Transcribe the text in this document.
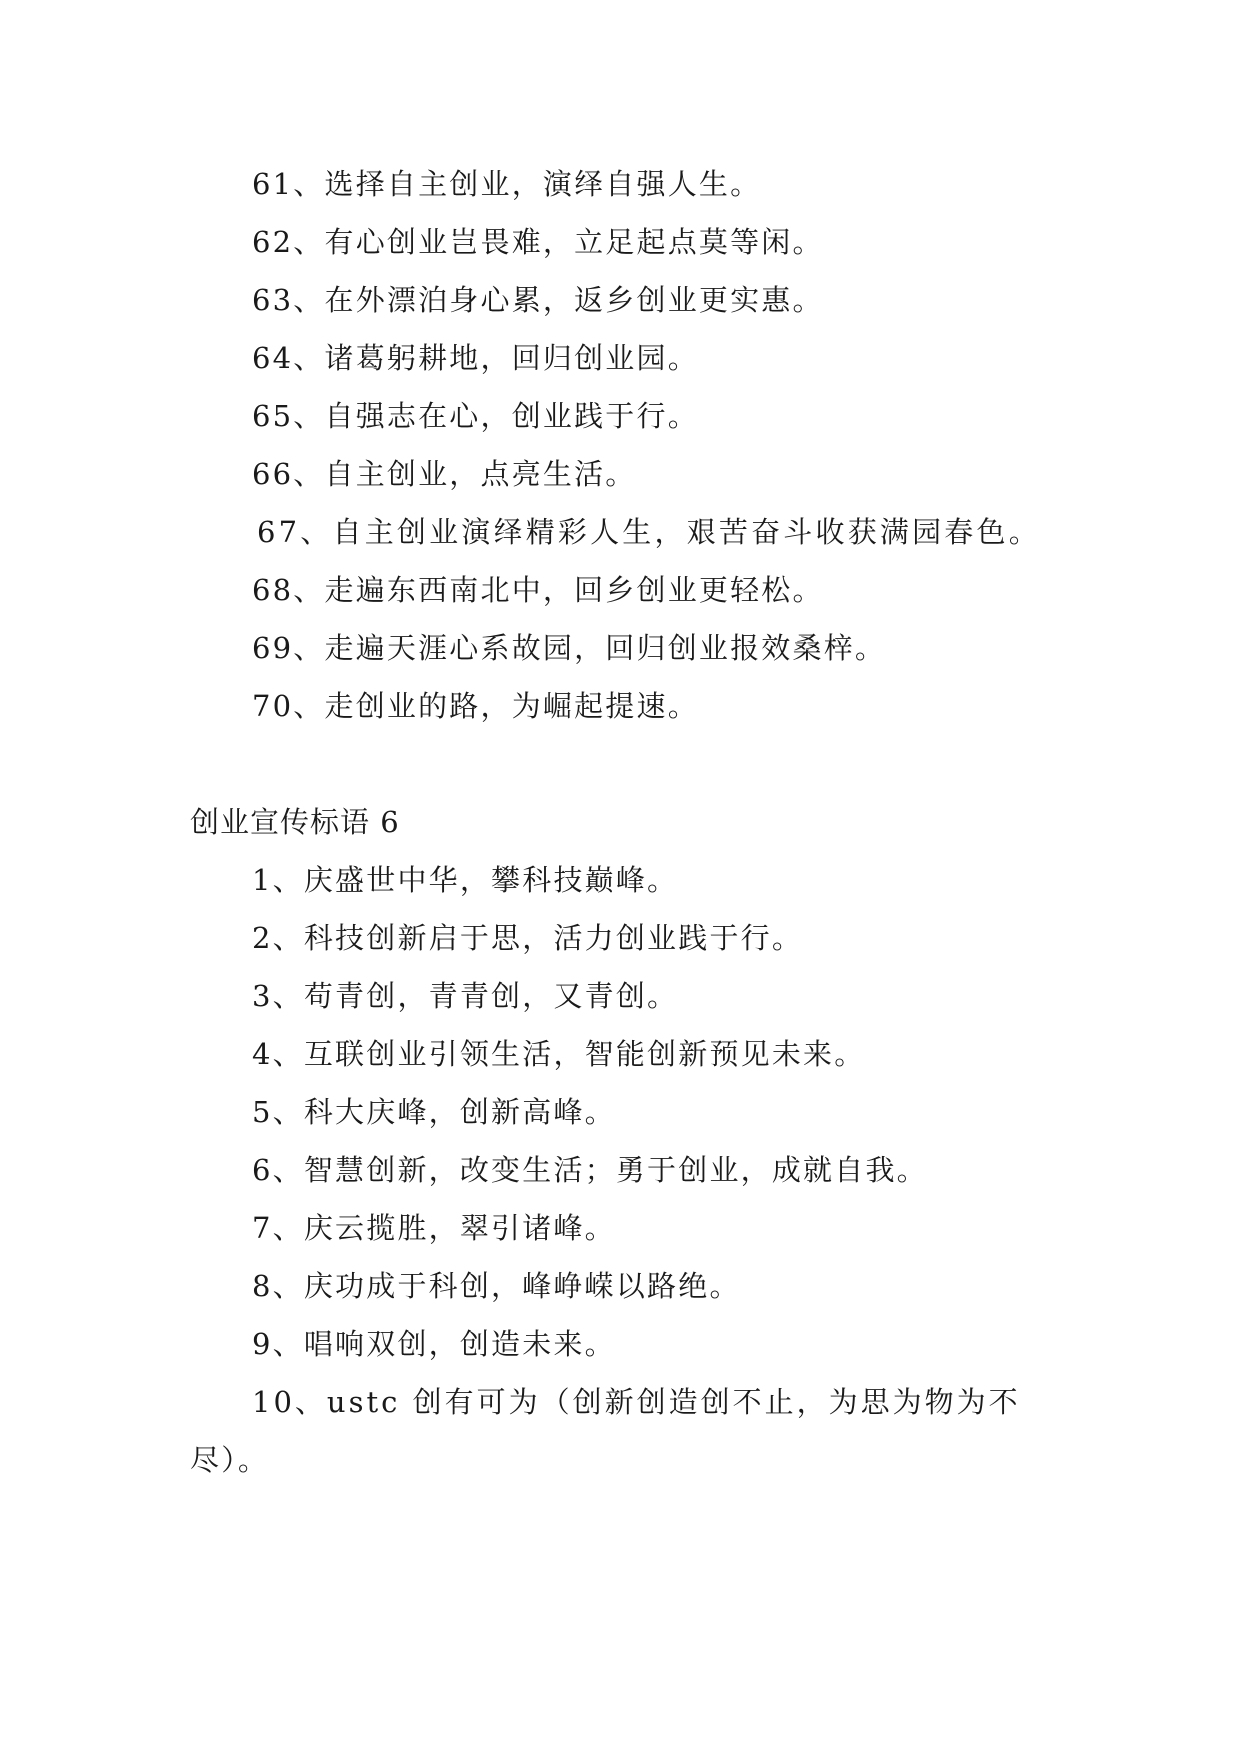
61、选择自主创业，演绎自强人生。
62、有心创业岂畏难，立足起点莫等闲。
63、在外漂泊身心累，返乡创业更实惠。
64、诸葛躬耕地，回归创业园。
65、自强志在心，创业践于行。
66、自主创业，点亮生活。
67、自主创业演绎精彩人生，艰苦奋斗收获满园春色。
68、走遍东西南北中，回乡创业更轻松。
69、走遍天涯心系故园，回归创业报效桑梓。
70、走创业的路，为崛起提速。
创业宣传标语 6
1、庆盛世中华，攀科技巅峰。
2、科技创新启于思，活力创业践于行。
3、苟青创，青青创，又青创。
4、互联创业引领生活，智能创新预见未来。
5、科大庆峰，创新高峰。
6、智慧创新，改变生活；勇于创业，成就自我。
7、庆云揽胜，翠引诸峰。
8、庆功成于科创，峰峥嵘以路绝。
9、唱响双创，创造未来。
10、ustc 创有可为（创新创造创不止，为思为物为不
尽）。
